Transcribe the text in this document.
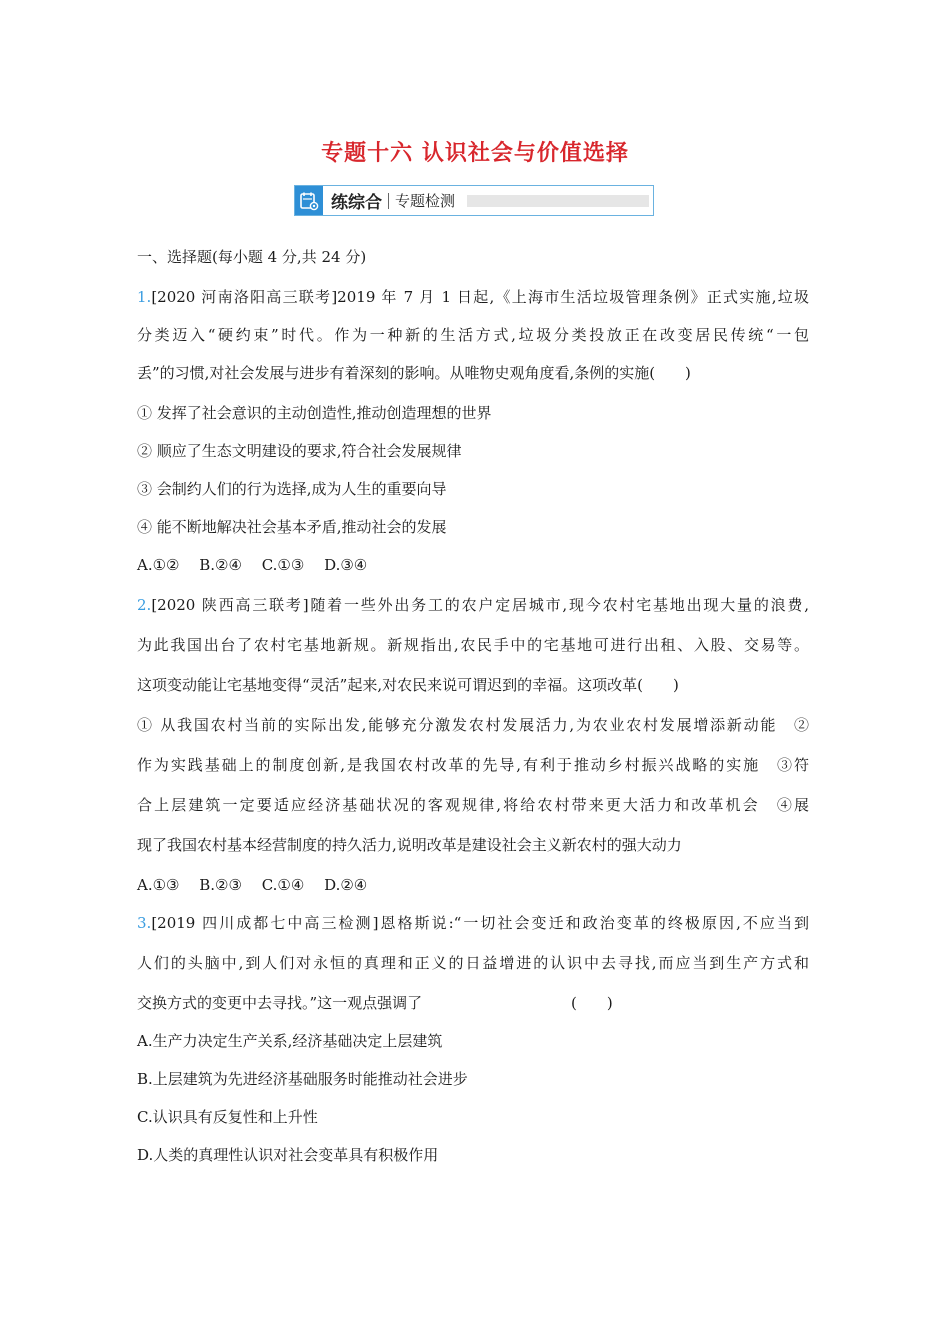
专题十六 认识社会与价值选择
练综合 专题检测
一、选择题(每小题 4 分,共 24 分)
1.[2020 河南洛阳高三联考]2019 年 7 月 1 日起,《上海市生活垃圾管理条例》正式实施,垃圾
分类迈入“硬约束”时代。作为一种新的生活方式,垃圾分类投放正在改变居民传统“一包
丢”的习惯,对社会发展与进步有着深刻的影响。从唯物史观角度看,条例的实施(　　)
① 发挥了社会意识的主动创造性,推动创造理想的世界
② 顺应了生态文明建设的要求,符合社会发展规律
③ 会制约人们的行为选择,成为人生的重要向导
④ 能不断地解决社会基本矛盾,推动社会的发展
A.①②　 B.②④　 C.①③　 D.③④
2.[2020 陕西高三联考]随着一些外出务工的农户定居城市,现今农村宅基地出现大量的浪费,
为此我国出台了农村宅基地新规。新规指出,农民手中的宅基地可进行出租、入股、交易等。
这项变动能让宅基地变得“灵活”起来,对农民来说可谓迟到的幸福。这项改革(　　)
① 从我国农村当前的实际出发,能够充分激发农村发展活力,为农业农村发展增添新动能　②
作为实践基础上的制度创新,是我国农村改革的先导,有利于推动乡村振兴战略的实施　③符
合上层建筑一定要适应经济基础状况的客观规律,将给农村带来更大活力和改革机会　④展
现了我国农村基本经营制度的持久活力,说明改革是建设社会主义新农村的强大动力
A.①③　 B.②③　 C.①④　 D.②④
3.[2019 四川成都七中高三检测]恩格斯说:“一切社会变迁和政治变革的终极原因,不应当到
人们的头脑中,到人们对永恒的真理和正义的日益增进的认识中去寻找,而应当到生产方式和
交换方式的变更中去寻找。”这一观点强调了	(　　)
A.生产力决定生产关系,经济基础决定上层建筑
B.上层建筑为先进经济基础服务时能推动社会进步
C.认识具有反复性和上升性
D.人类的真理性认识对社会变革具有积极作用
